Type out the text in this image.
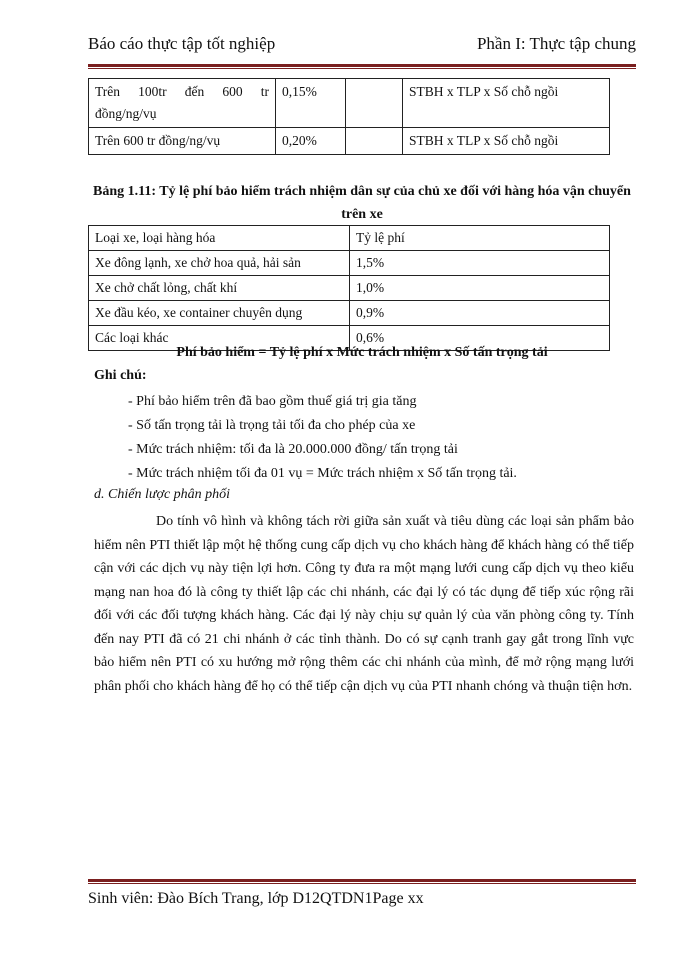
Báo cáo thực tập tốt nghiệp	Phần I: Thực tập chung
Trên 100tr đến 600 tr đồng/ng/vụ	0,15%		STBH x TLP x Số chỗ ngồi
Trên 600 tr đồng/ng/vụ	0,20%		STBH x TLP x Số chỗ ngồi
Bảng 1.11: Tỷ lệ phí bảo hiểm trách nhiệm dân sự của chủ xe đối với hàng hóa vận chuyển trên xe
Loại xe, loại hàng hóa	Tỷ lệ phí
Xe đông lạnh, xe chở hoa quả, hải sản	1,5%
Xe chở chất lỏng, chất khí	1,0%
Xe đầu kéo, xe container chuyên dụng	0,9%
Các loại khác	0,6%
Phí bảo hiểm = Tỷ lệ phí x Mức trách nhiệm x Số tấn trọng tải
Ghi chú:
- Phí bảo hiểm trên đã bao gồm thuế giá trị gia tăng
- Số tấn trọng tải là trọng tải tối đa cho phép của xe
- Mức trách nhiệm: tối đa là 20.000.000 đồng/ tấn trọng tải
- Mức trách nhiệm tối đa 01 vụ = Mức trách nhiệm x Số tấn trọng tải.
d. Chiến lược phân phối
Do tính vô hình và không tách rời giữa sản xuất và tiêu dùng các loại sản phẩm bảo hiểm nên PTI thiết lập một hệ thống cung cấp dịch vụ cho khách hàng để khách hàng có thể tiếp cận với các dịch vụ này tiện lợi hơn. Công ty đưa ra một mạng lưới cung cấp dịch vụ theo kiểu mạng nan hoa đó là công ty thiết lập các chi nhánh, các đại lý có tác dụng để tiếp xúc rộng rãi đối với các đối tượng khách hàng. Các đại lý này chịu sự quản lý của văn phòng công ty. Tính đến nay PTI đã có 21 chi nhánh ở các tỉnh thành. Do có sự cạnh tranh gay gắt trong lĩnh vực bảo hiểm nên PTI có xu hướng mở rộng thêm các chi nhánh của mình, để mở rộng mạng lưới phân phối cho khách hàng để họ có thể tiếp cận dịch vụ của PTI nhanh chóng và thuận tiện hơn.
Sinh viên: Đào Bích Trang, lớp D12QTDN1Page xx
